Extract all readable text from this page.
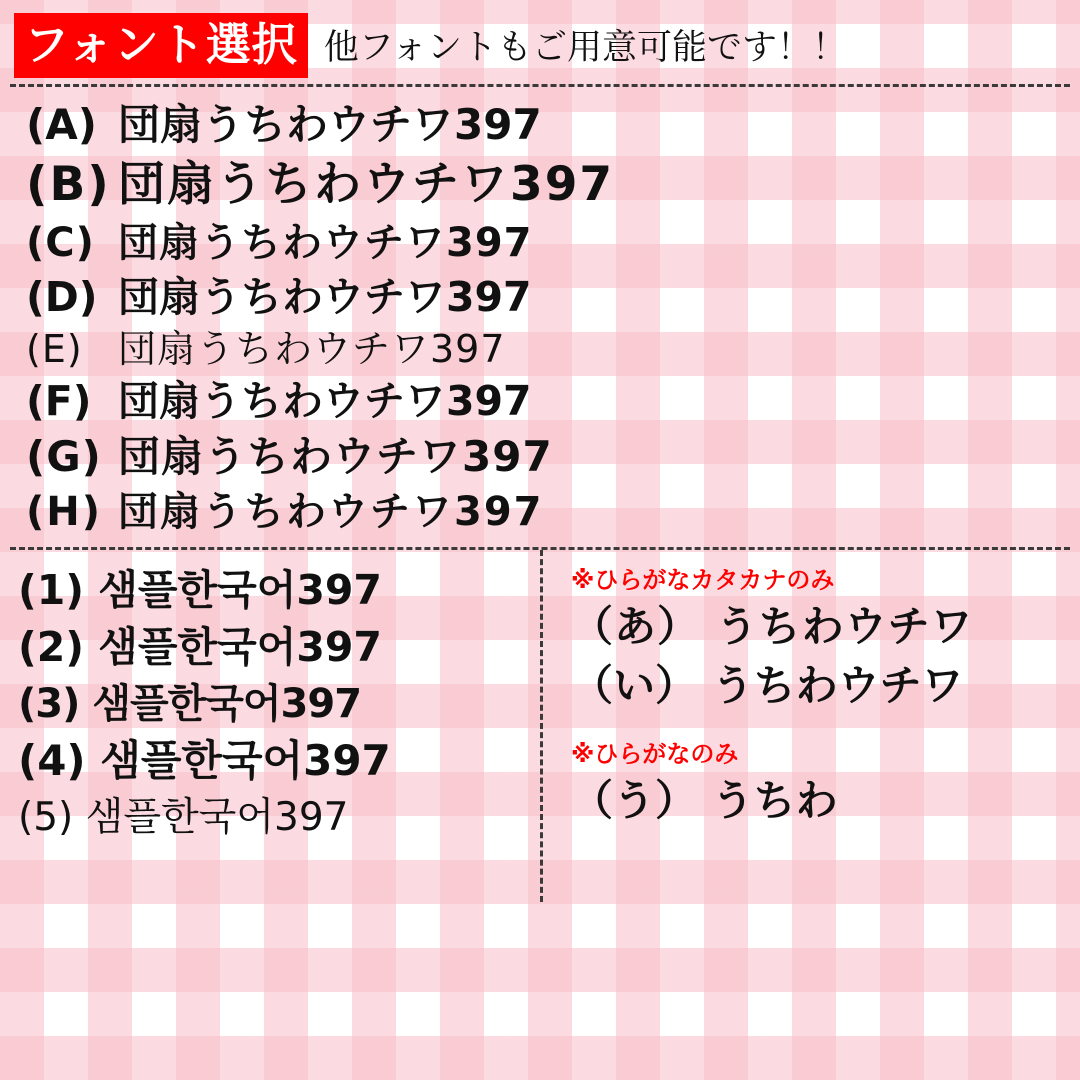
フォント選択 他フォントもご用意可能です！！
(A) 団扇うちわウチワ397
(B) 団扇うちわウチワ397
(C) 団扇うちわウチワ397
(D) 団扇うちわウチワ397
(E) 団扇うちわウチワ397
(F) 団扇うちわウチワ397
(G) 団扇うちわウチワ397
(H) 団扇うちわウチワ397
(1) 샘플한국어397
(2) 샘플한국어397
(3) 샘플한국어397
(4) 샘플한국어397
(5) 샘플한국어397
※ひらがなカタカナのみ
（あ） うちわウチワ
（い） うちわウチワ
※ひらがなのみ
（う） うちわ
